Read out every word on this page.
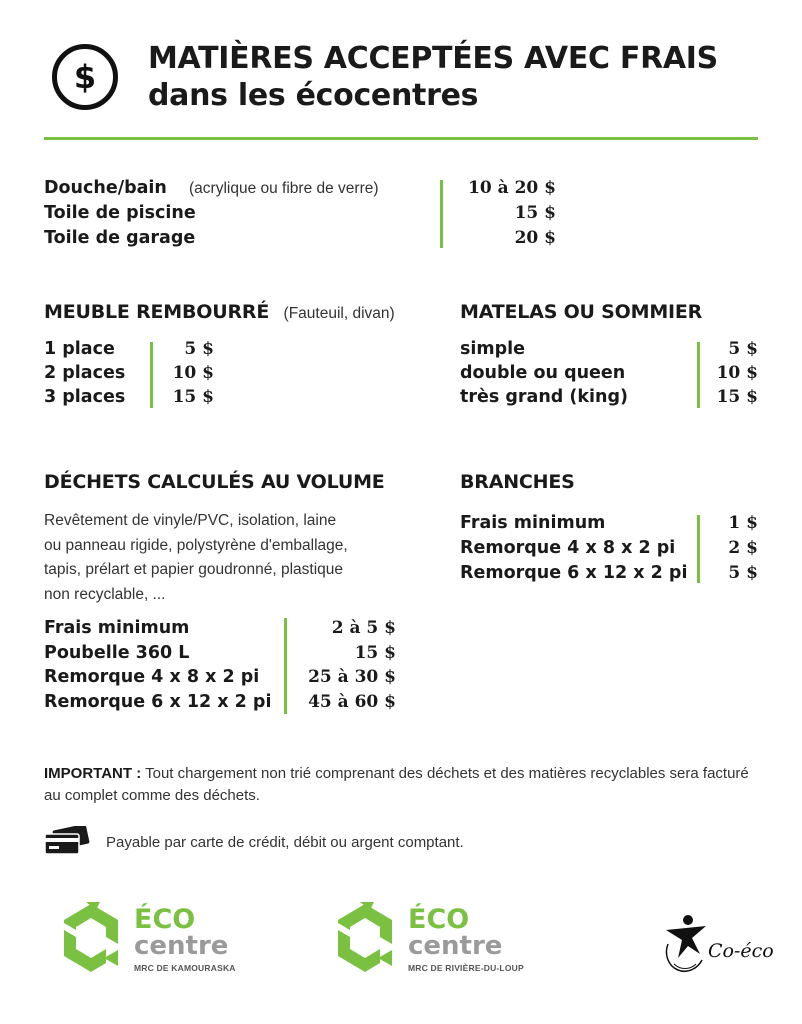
$	MATIÈRES ACCEPTÉES AVEC FRAIS
dans les écocentres
Douche/bain (acrylique ou fibre de verre)
Toile de piscine
Toile de garage
10 à 20 $
15 $
20 $
MEUBLE REMBOURRÉ (Fauteuil, divan)
1 place
2 places
3 places
5 $
10 $
15 $
MATELAS OU SOMMIER
simple
double ou queen
très grand (king)
5 $
10 $
15 $
DÉCHETS CALCULÉS AU VOLUME
Revêtement de vinyle/PVC, isolation, laine
ou panneau rigide, polystyrène d'emballage,
tapis, prélart et papier goudronné, plastique
non recyclable, ...
Frais minimum
Poubelle 360 L
Remorque 4 x 8 x 2 pi
Remorque 6 x 12 x 2 pi
2 à 5 $
15 $
25 à 30 $
45 à 60 $
BRANCHES
Frais minimum
Remorque 4 x 8 x 2 pi
Remorque 6 x 12 x 2 pi
1 $
2 $
5 $
IMPORTANT : Tout chargement non trié comprenant des déchets et des matières recyclables sera facturé au complet comme des déchets.
Payable par carte de crédit, débit ou argent comptant.
ÉCO
centre
MRC DE KAMOURASKA
ÉCO
centre
MRC DE RIVIÈRE-DU-LOUP
Co-éco
